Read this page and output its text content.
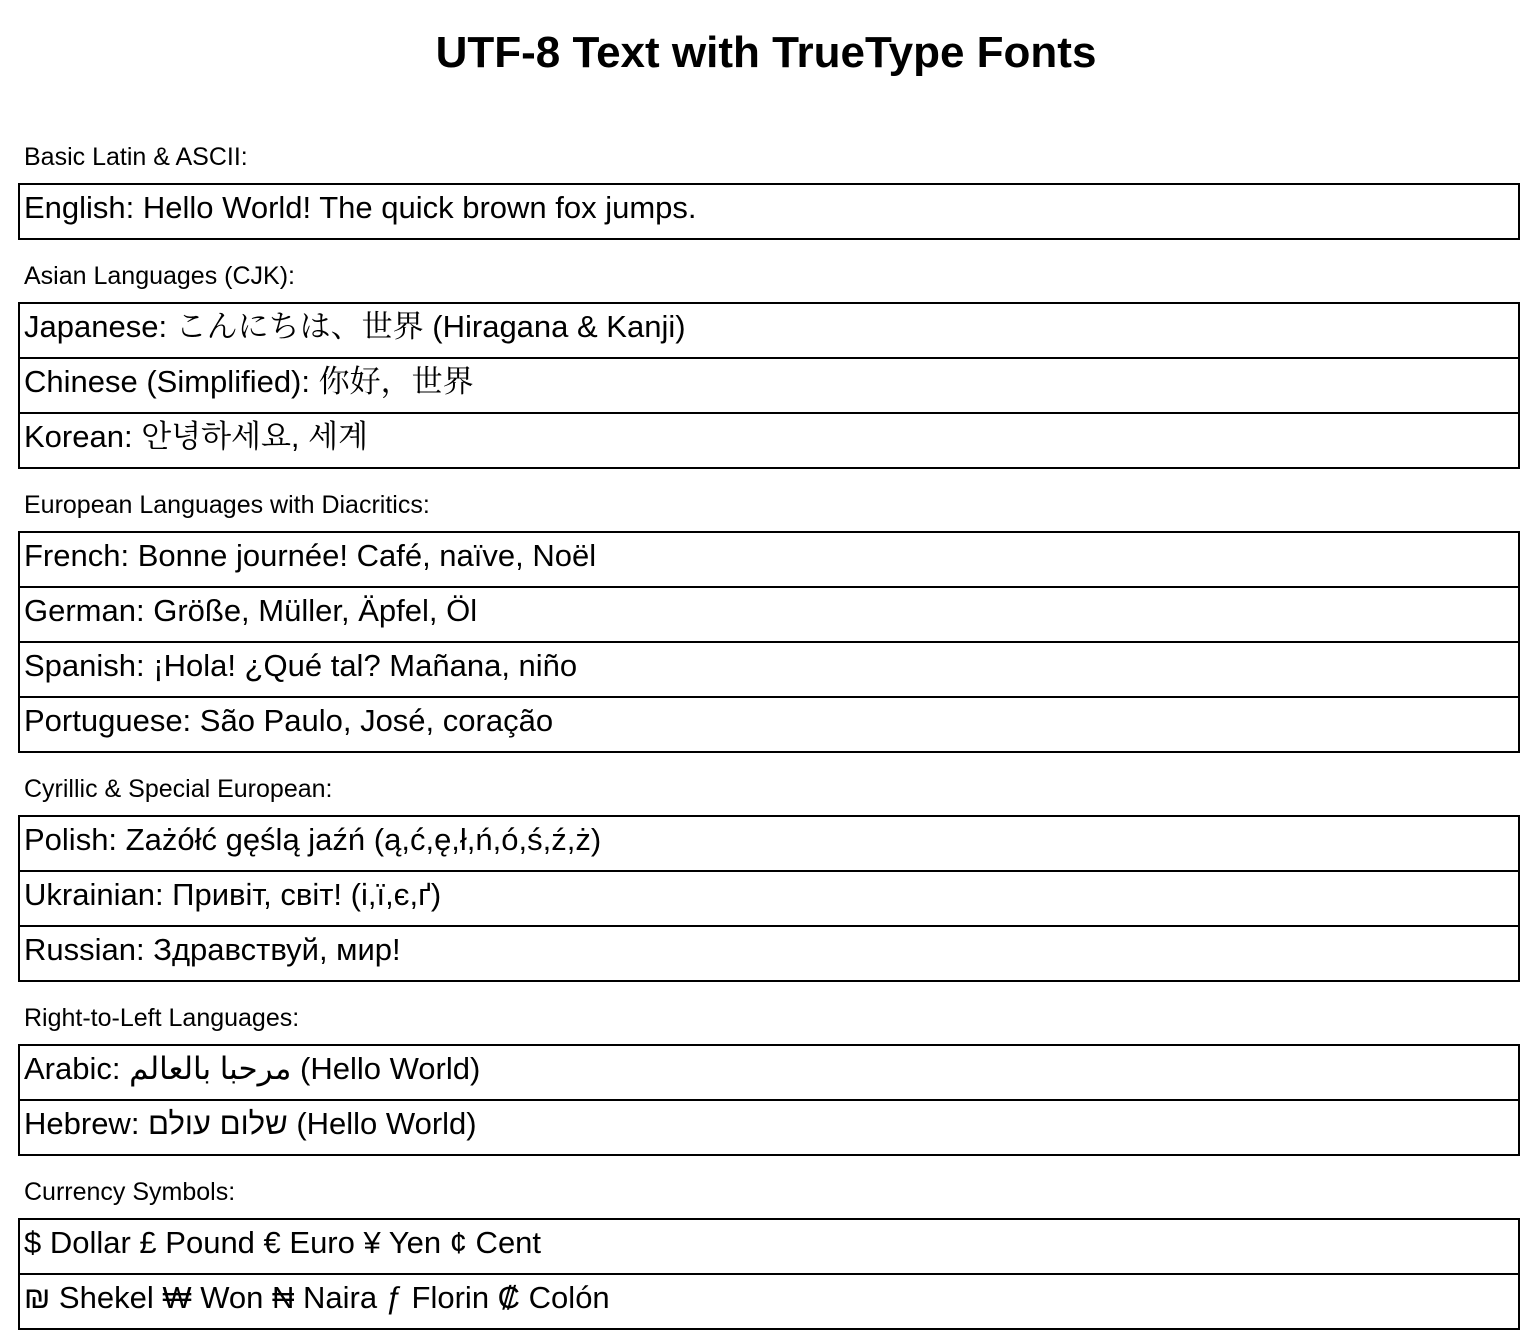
UTF-8 Text with TrueType Fonts
Basic Latin & ASCII:
English: Hello World! The quick brown fox jumps.
Asian Languages (CJK):
Japanese: こんにちは、世界 (Hiragana & Kanji)
Chinese (Simplified): 你好，世界
Korean: 안녕하세요, 세계
European Languages with Diacritics:
French: Bonne journée! Café, naïve, Noël
German: Größe, Müller, Äpfel, Öl
Spanish: ¡Hola! ¿Qué tal? Mañana, niño
Portuguese: São Paulo, José, coração
Cyrillic & Special European:
Polish: Zażółć gęślą jaźń (ą,ć,ę,ł,ń,ó,ś,ź,ż)
Ukrainian: Привіт, світ! (і,ї,є,ґ)
Russian: Здравствуй, мир!
Right-to-Left Languages:
Arabic: مرحبا بالعالم (Hello World)
Hebrew: שלום עולם (Hello World)
Currency Symbols:
$ Dollar £ Pound € Euro ¥ Yen ¢ Cent
₪ Shekel ₩ Won ₦ Naira ƒ Florin ₡ Colón
